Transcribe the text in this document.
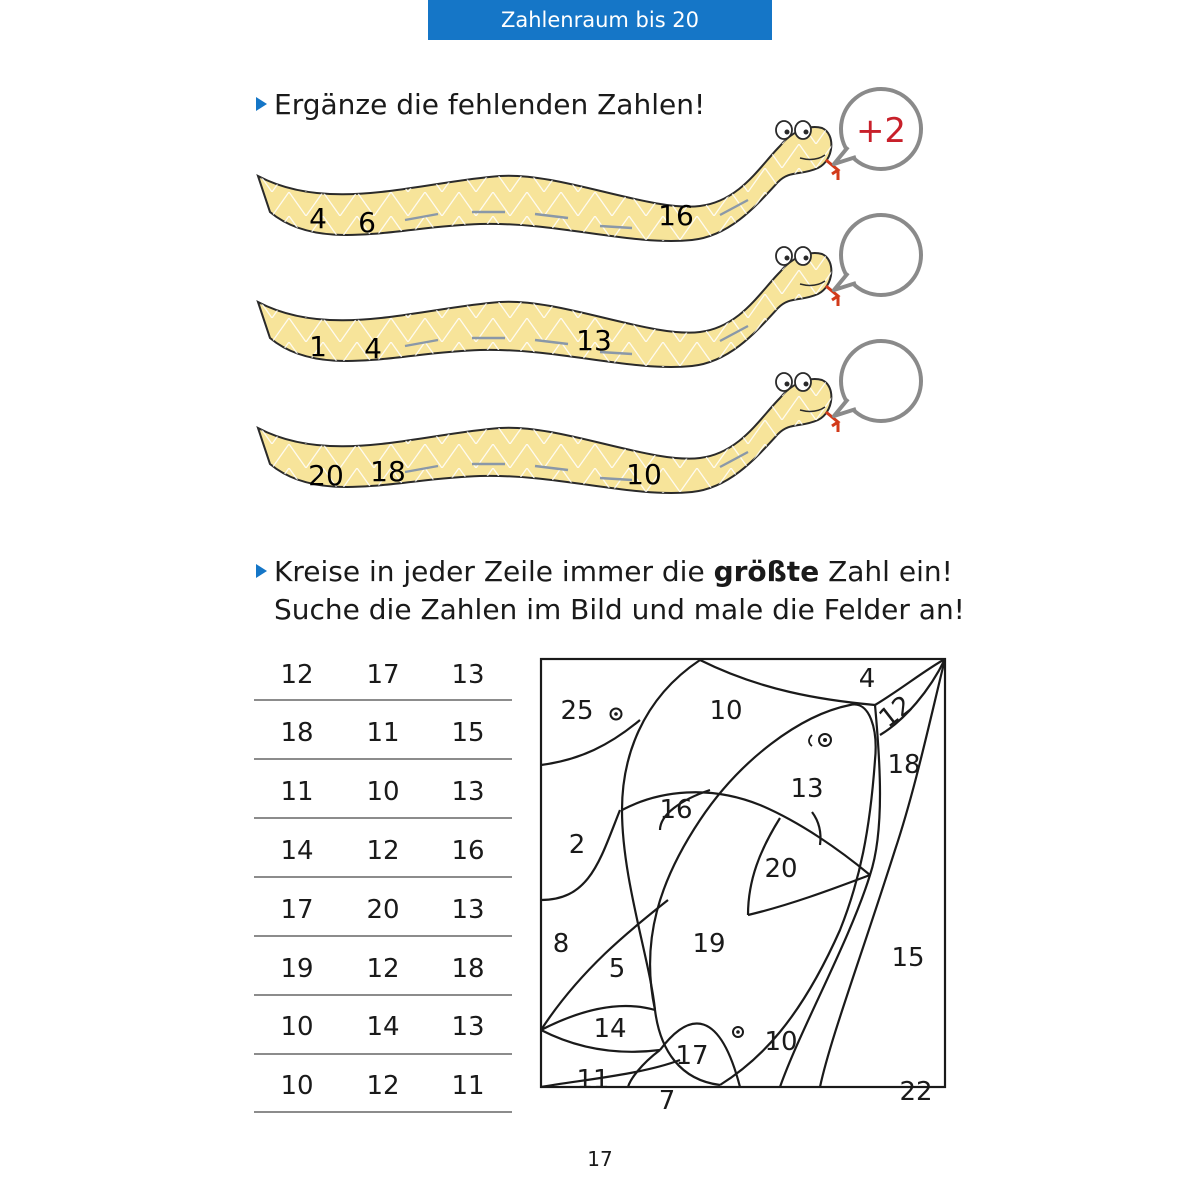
Zahlenraum bis 20
Ergänze die fehlenden Zahlen!
+2
4 6	16
1 4	13
20 18	10
Kreise in jeder Zeile immer die größte Zahl ein!
Suche die Zahlen im Bild und male die Felder an!
12 17 13
18 11 15
11 10 13
14 12 16
17 20 13
19 12 18
10 14 13
10 12 11
25	10
4
12
18
13
16
2
20
19	15
8
5
14
17 10
11
7	22
17
